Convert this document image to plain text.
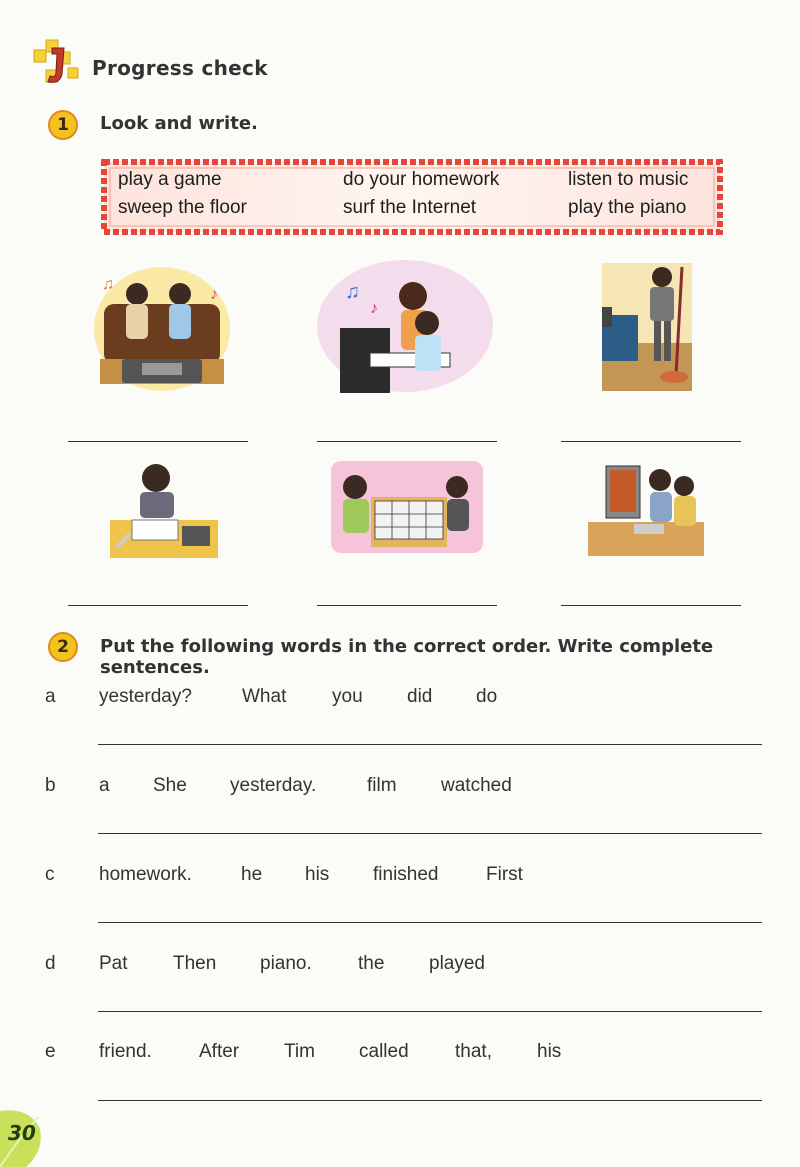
Progress check
1	Look and write.
play a game	do your homework	listen to music
sweep the floor	surf the Internet	play the piano
♫
♪	♫
♪
2	Put the following words in the correct order. Write complete sentences.
a yesterday?	What you did do
b a She yesterday.	film watched
c homework.	he his finished	First
d Pat Then piano. the played
e friend. After Tim called that, his
30
